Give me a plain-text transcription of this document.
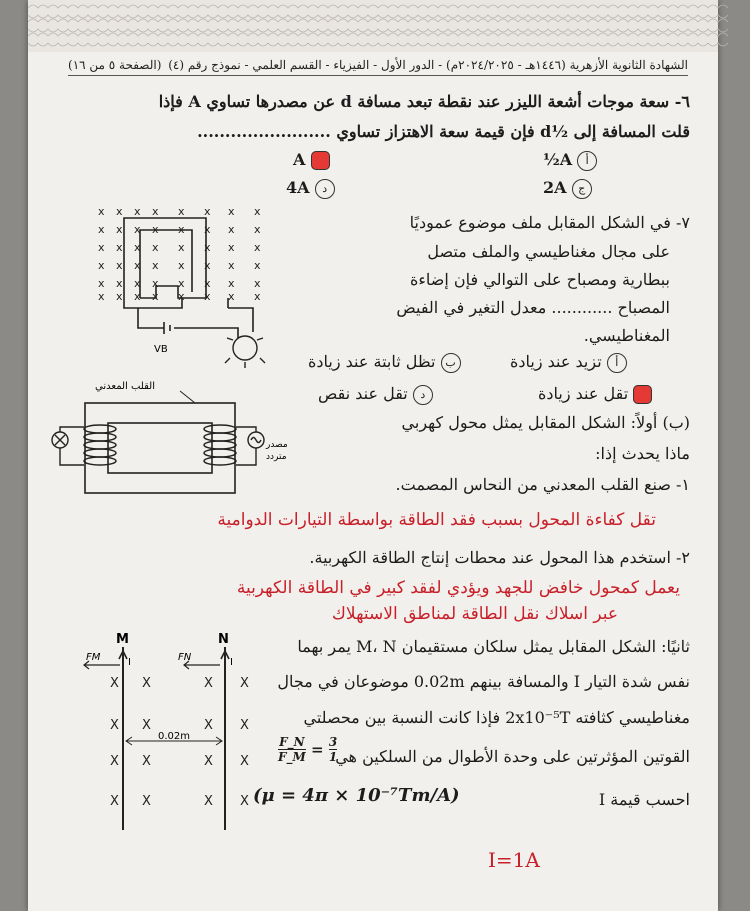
الشهادة الثانوية الأزهرية (١٤٤٦هـ - ٢٠٢٤/٢٠٢٥م) - الدور الأول - الفيزياء - القسم العلمي - نموذج رقم (٤)
(الصفحة ٥ من ١٦)
٦- سعة موجات أشعة الليزر عند نقطة تبعد مسافة d عن مصدرها تساوي A فإذا
قلت المسافة إلى ½d فإن قيمة سعة الاهتزاز تساوي ........................
½A أ
A
2A ج
4A د
x x x x x x x x
x x x x x x x x
x x x x x x x x
x x x x x x x x
x x x x x x x x
x x x x x x x x
VB
٧- في الشكل المقابل ملف موضوع عموديًا
على مجال مغناطيسي والملف متصل
ببطارية ومصباح على التوالي فإن إضاءة
المصباح ............ معدل التغير في الفيض
المغناطيسي.
أ تزيد عند زيادة
ب تظل ثابتة عند زيادة
تقل عند زيادة
د تقل عند نقص
القلب المعدني
مصدر
متردد
(ب) أولاً: الشكل المقابل يمثل محول كهربي
ماذا يحدث إذا:
١- صنع القلب المعدني من النحاس المصمت.
تقل كفاءة المحول بسبب فقد الطاقة بواسطة التيارات الدوامية
٢- استخدم هذا المحول عند محطات إنتاج الطاقة الكهربية.
يعمل كمحول خافض للجهد ويؤدي لفقد كبير في الطاقة الكهربية
عبر اسلاك نقل الطاقة لمناطق الاستهلاك
M	N
I	I
FM	FN
0.02m
X X	X X
X X	X X
X X	X X
X X	X X
ثانيًا: الشكل المقابل يمثل سلكان مستقيمان M، N يمر بهما
نفس شدة التيار I والمسافة بينهم 0.02m موضوعان في مجال
مغناطيسي كثافته 2x10⁻⁵T فإذا كانت النسبة بين محصلتي
القوتين المؤثرتين على وحدة الأطوال من السلكين هي
$\frac{F\_N}{F\_M} = \frac{3}{1}$
(μ = 4π × 10⁻⁷Tm/A)	احسب قيمة I
I=1A
